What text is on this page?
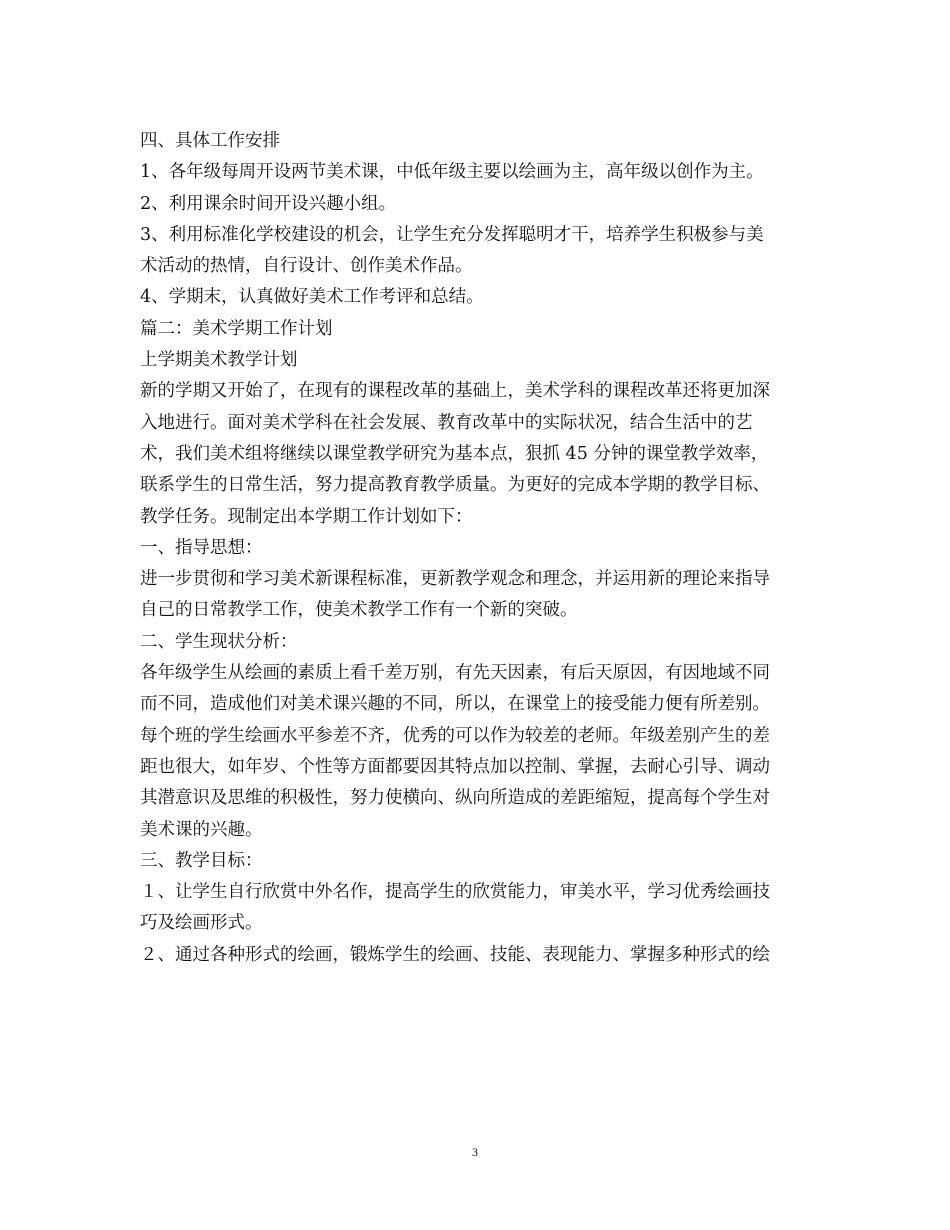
四、具体工作安排
1、各年级每周开设两节美术课，中低年级主要以绘画为主，高年级以创作为主。
2、利用课余时间开设兴趣小组。
3、利用标准化学校建设的机会，让学生充分发挥聪明才干，培养学生积极参与美
术活动的热情，自行设计、创作美术作品。
4、学期末，认真做好美术工作考评和总结。
篇二：美术学期工作计划
上学期美术教学计划
新的学期又开始了，在现有的课程改革的基础上，美术学科的课程改革还将更加深
入地进行。面对美术学科在社会发展、教育改革中的实际状况，结合生活中的艺
术，我们美术组将继续以课堂教学研究为基本点，狠抓 45 分钟的课堂教学效率，
联系学生的日常生活，努力提高教育教学质量。为更好的完成本学期的教学目标、
教学任务。现制定出本学期工作计划如下：
一、指导思想：
进一步贯彻和学习美术新课程标准，更新教学观念和理念，并运用新的理论来指导
自己的日常教学工作，使美术教学工作有一个新的突破。
二、学生现状分析：
各年级学生从绘画的素质上看千差万别，有先天因素，有后天原因，有因地域不同
而不同，造成他们对美术课兴趣的不同，所以，在课堂上的接受能力便有所差别。
每个班的学生绘画水平参差不齐，优秀的可以作为较差的老师。年级差别产生的差
距也很大，如年岁、个性等方面都要因其特点加以控制、掌握，去耐心引导、调动
其潜意识及思维的积极性，努力使横向、纵向所造成的差距缩短，提高每个学生对
美术课的兴趣。
三、教学目标：
１、让学生自行欣赏中外名作，提高学生的欣赏能力，审美水平，学习优秀绘画技
巧及绘画形式。
２、通过各种形式的绘画，锻炼学生的绘画、技能、表现能力、掌握多种形式的绘
3
